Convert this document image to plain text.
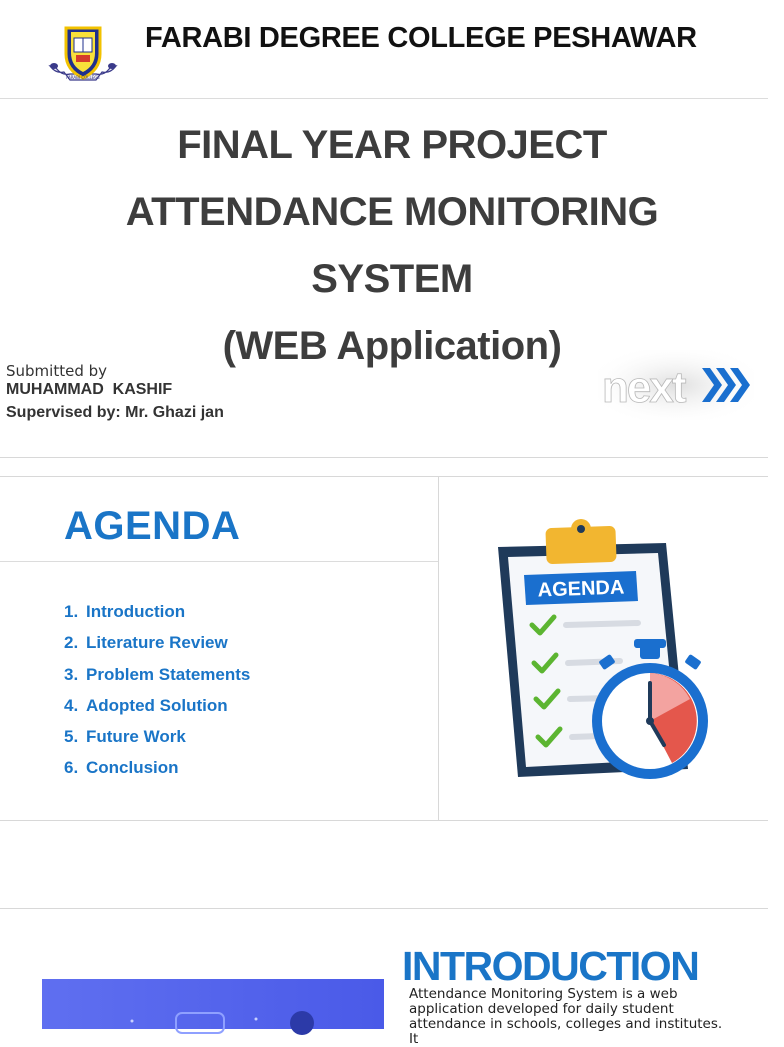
FARABI COLLEGE
FARABI DEGREE COLLEGE PESHAWAR
FINAL YEAR PROJECT
ATTENDANCE MONITORING
SYSTEM
(WEB Application)
Submitted by
MUHAMMAD  KASHIF
Supervised by: Mr. Ghazi jan
next
AGENDA
1. Introduction
2. Literature Review
3. Problem Statements
4. Adopted Solution
5. Future Work
6. Conclusion
AGENDA
INTRODUCTION
Attendance Monitoring System is a web
application developed for daily student
attendance in schools, colleges and institutes. It
